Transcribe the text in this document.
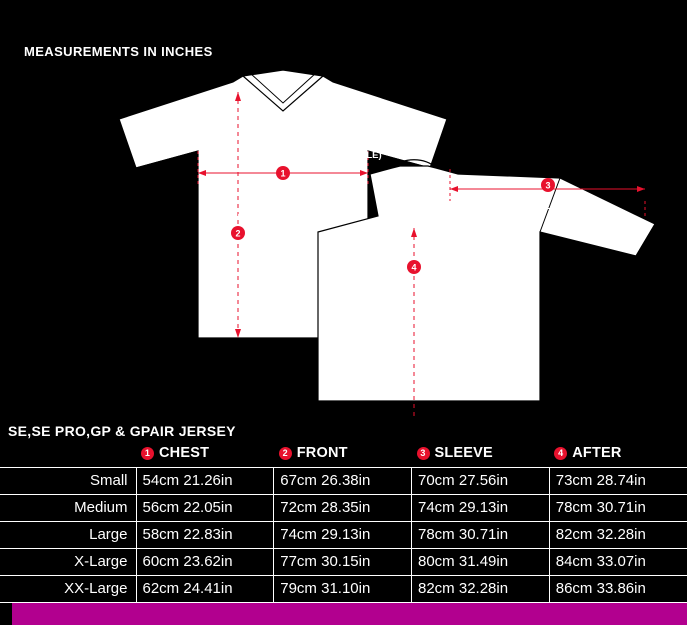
MEASUREMENTS IN INCHES
CHEST(1" BELOW ARMHOLE)
FRONT LENGTH
(from high point shoulder)
SLEEVE LENGTH
1
2
3
4
SE,SE PRO,GP & GPAIR JERSEY

	1 CHEST	2 FRONT	3 SLEEVE	4 AFTER

Small	54cm 21.26in	67cm 26.38in	70cm 27.56in	73cm 28.74in
Medium	56cm 22.05in	72cm 28.35in	74cm 29.13in	78cm 30.71in
Large	58cm 22.83in	74cm 29.13in	78cm 30.71in	82cm 32.28in
X-Large	60cm 23.62in	77cm 30.15in	80cm 31.49in	84cm 33.07in
XX-Large	62cm 24.41in	79cm 31.10in	82cm 32.28in	86cm 33.86in
